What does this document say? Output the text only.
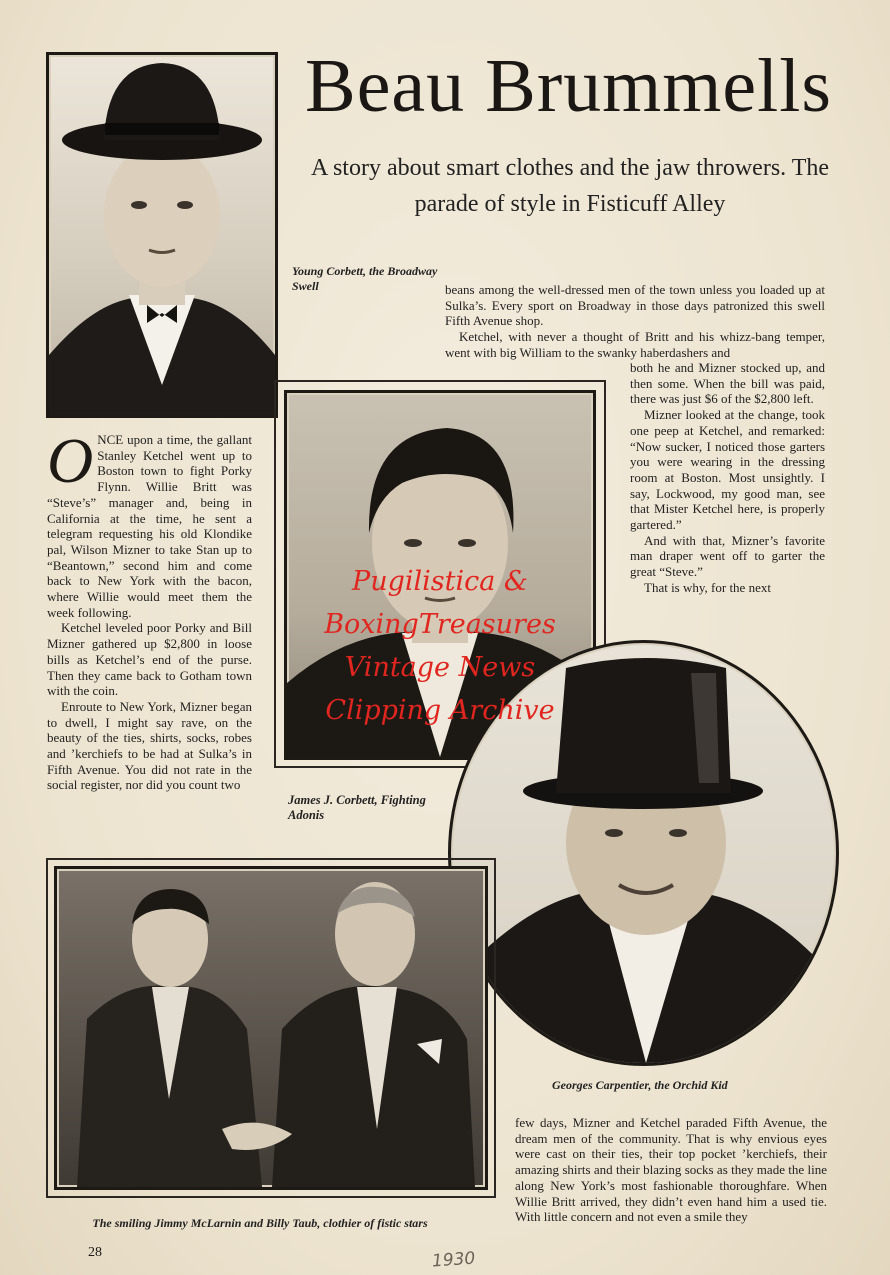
Beau Brummells
A story about smart clothes and the jaw throwers. The parade of style in Fisticuff Alley
Young Corbett, the Broadway Swell	beans among the well-dressed men of the town unless you loaded up at Sulka’s. Every sport on Broadway in those days patronized this swell Fifth Avenue shop.

Ketchel, with never a thought of Britt and his whizz-bang temper, went with big William to the swanky haberdashers and

both he and Mizner stocked up, and then some. When the bill was paid, there was just $6 of the $2,800 left.

Mizner looked at the change, took one peep at Ketchel, and remarked: “Now sucker, I noticed those garters you were wearing in the dressing room at Boston. Most unsightly. I say, Lockwood, my good man, see that Mister Ketchel here, is properly gartered.”

And with that, Mizner’s favorite man draper went off to garter the great “Steve.”

That is why, for the next

ONCE upon a time, the gallant Stanley Ketchel went up to Boston town to fight Porky Flynn. Willie Britt was “Steve’s” manager and, being in California at the time, he sent a telegram requesting his old Klondike pal, Wilson Mizner to take Stan up to “Beantown,” second him and come back to New York with the bacon, where Willie would meet them the week following.

Ketchel leveled poor Porky and Bill Mizner gathered up $2,800 in loose bills as Ketchel’s end of the purse. Then they came back to Gotham town with the coin.

Enroute to New York, Mizner began to dwell, I might say rave, on the beauty of the ties, shirts, socks, robes and ’kerchiefs to be had at Sulka’s in Fifth Avenue. You did not rate in the social register, nor did you count two

James J. Corbett, Fighting Adonis
Georges Carpentier, the Orchid Kid
The smiling Jimmy McLarnin and Billy Taub, clothier of fistic stars

few days, Mizner and Ketchel paraded Fifth Avenue, the dream men of the community. That is why envious eyes were cast on their ties, their top pocket ’kerchiefs, their amazing shirts and their blazing socks as they made the line along New York’s most fashionable thoroughfare. When Willie Britt arrived, they didn’t even hand him a used tie. With little concern and not even a smile they

Pugilistica &
BoxingTreasures
Vintage News
Clipping Archive
28	1930
